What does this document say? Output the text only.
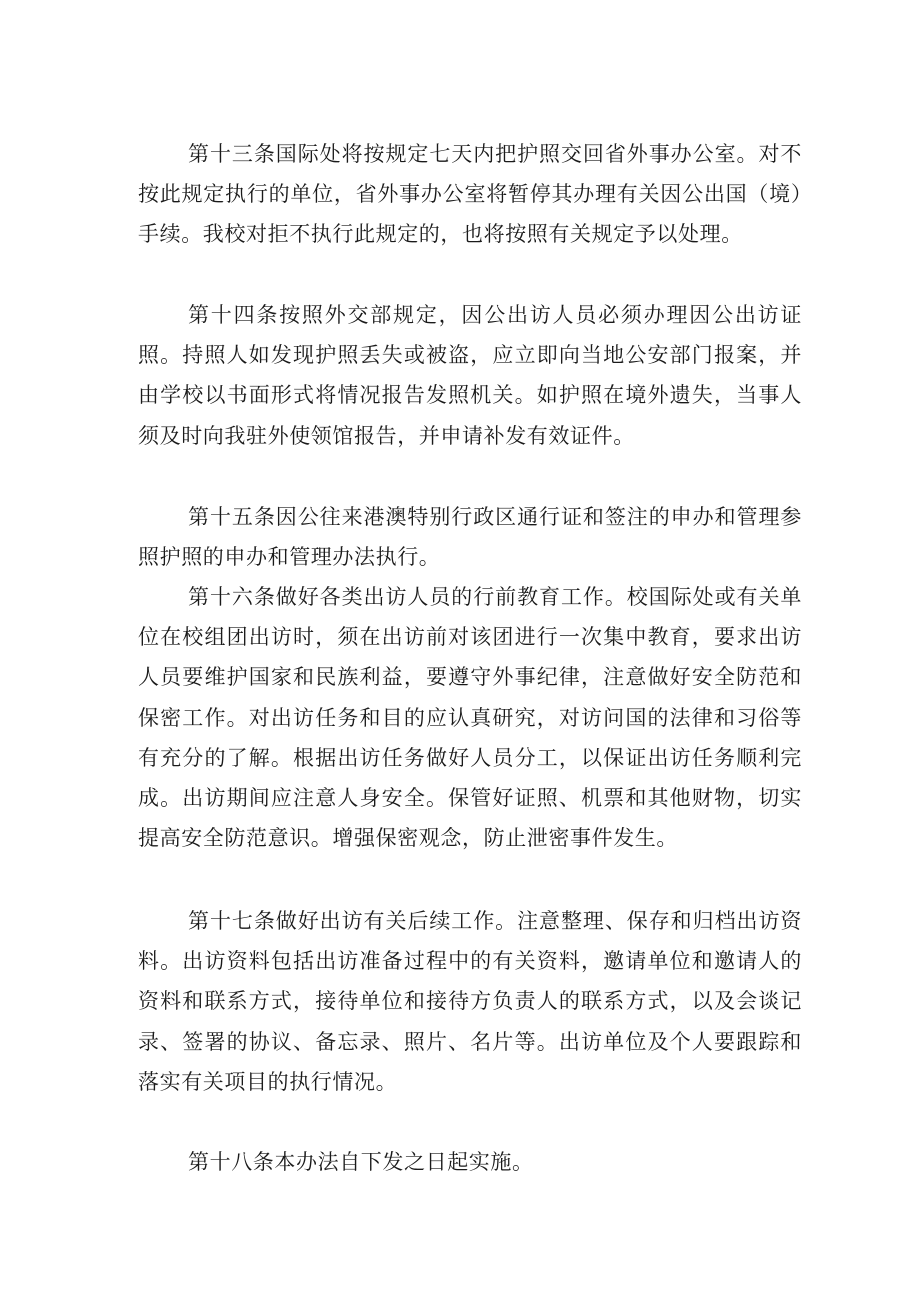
第十三条国际处将按规定七天内把护照交回省外事办公室。对不按此规定执行的单位，省外事办公室将暂停其办理有关因公出国（境）手续。我校对拒不执行此规定的，也将按照有关规定予以处理。

第十四条按照外交部规定，因公出访人员必须办理因公出访证照。持照人如发现护照丢失或被盗，应立即向当地公安部门报案，并由学校以书面形式将情况报告发照机关。如护照在境外遗失，当事人须及时向我驻外使领馆报告，并申请补发有效证件。

第十五条因公往来港澳特别行政区通行证和签注的申办和管理参照护照的申办和管理办法执行。

第十六条做好各类出访人员的行前教育工作。校国际处或有关单位在校组团出访时，须在出访前对该团进行一次集中教育，要求出访人员要维护国家和民族利益，要遵守外事纪律，注意做好安全防范和保密工作。对出访任务和目的应认真研究，对访问国的法律和习俗等有充分的了解。根据出访任务做好人员分工，以保证出访任务顺利完成。出访期间应注意人身安全。保管好证照、机票和其他财物，切实提高安全防范意识。增强保密观念，防止泄密事件发生。

第十七条做好出访有关后续工作。注意整理、保存和归档出访资料。出访资料包括出访准备过程中的有关资料，邀请单位和邀请人的资料和联系方式，接待单位和接待方负责人的联系方式，以及会谈记录、签署的协议、备忘录、照片、名片等。出访单位及个人要跟踪和落实有关项目的执行情况。

第十八条本办法自下发之日起实施。
